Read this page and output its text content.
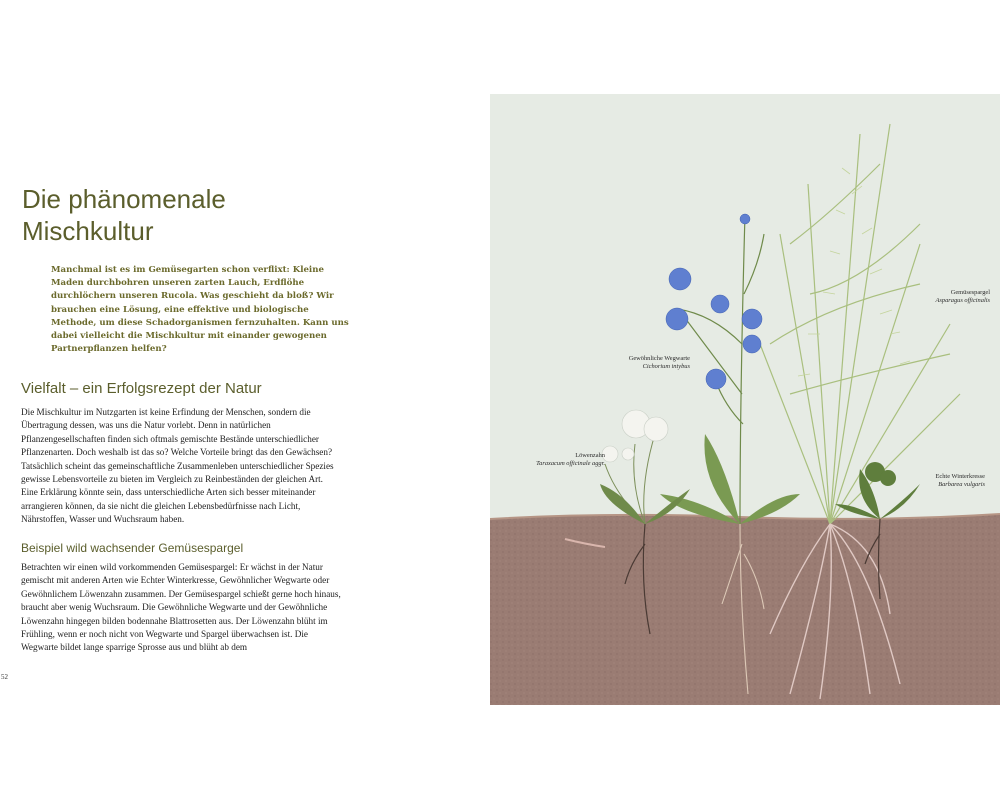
Die phänomenale Mischkultur

Manchmal ist es im Gemüsegarten schon verflixt: Kleine Maden durchbohren unseren zarten Lauch, Erdflöhe durchlöchern unseren Rucola. Was geschieht da bloß? Wir brauchen eine Lösung, eine effektive und biologische Methode, um diese Schadorganismen fernzuhalten. Kann uns dabei vielleicht die Mischkultur mit einander gewogenen Partnerpflanzen helfen?

Vielfalt – ein Erfolgsrezept der Natur

Die Mischkultur im Nutzgarten ist keine Erfindung der Menschen, sondern die Übertragung dessen, was uns die Natur vorlebt. Denn in natürlichen Pflanzengesellschaften finden sich oftmals gemischte Bestände unterschiedlicher Pflanzenarten. Doch weshalb ist das so? Welche Vorteile bringt das den Gewächsen? Tatsächlich scheint das gemeinschaftliche Zusammenleben unterschiedlicher Spezies gewisse Lebensvorteile zu bieten im Vergleich zu Reinbeständen der gleichen Art. Eine Erklärung könnte sein, dass unterschiedliche Arten sich besser miteinander arrangieren können, da sie nicht die gleichen Lebensbedürfnisse nach Licht, Nährstoffen, Wasser und Wuchsraum haben.

Beispiel wild wachsender Gemüsespargel

Betrachten wir einen wild vorkommenden Gemüsespargel: Er wächst in der Natur gemischt mit anderen Arten wie Echter Winterkresse, Gewöhnlicher Wegwarte oder Gewöhnlichem Löwenzahn zusammen. Der Gemüsespargel schießt gerne hoch hinaus, braucht aber wenig Wuchsraum. Die Gewöhnliche Wegwarte und der Gewöhnliche Löwenzahn hingegen bilden bodennahe Blattrosetten aus. Der Löwenzahn blüht im Frühling, wenn er noch nicht von Wegwarte und Spargel überwachsen ist. Die Wegwarte bildet lange sparrige Sprosse aus und blüht ab dem

52
Gemüsespargel
Asparagus officinalis
Gewöhnliche Wegwarte
Cichorium intybus
Löwenzahn
Taraxacum officinale aggr.
Echte Winterkresse
Barbarea vulgaris
